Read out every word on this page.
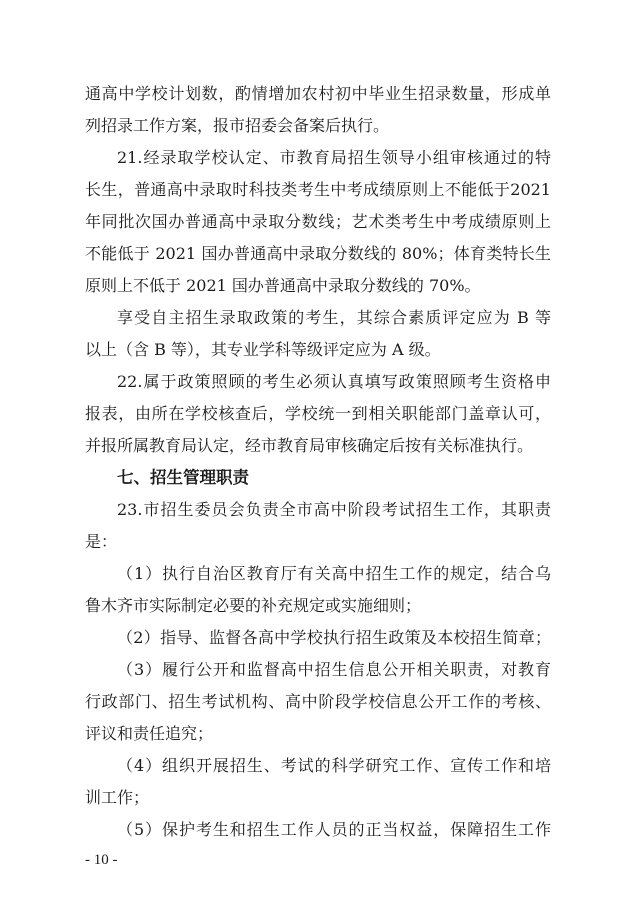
通高中学校计划数，酌情增加农村初中毕业生招录数量，形成单
列招录工作方案，报市招委会备案后执行。
21.经录取学校认定、市教育局招生领导小组审核通过的特
长生，普通高中录取时科技类考生中考成绩原则上不能低于2021
年同批次国办普通高中录取分数线；艺术类考生中考成绩原则上
不能低于 2021 国办普通高中录取分数线的 80%；体育类特长生
原则上不低于 2021 国办普通高中录取分数线的 70%。
享受自主招生录取政策的考生，其综合素质评定应为 B 等
以上（含 B 等），其专业学科等级评定应为 A 级。
22.属于政策照顾的考生必须认真填写政策照顾考生资格申
报表，由所在学校核查后，学校统一到相关职能部门盖章认可，
并报所属教育局认定，经市教育局审核确定后按有关标准执行。
七、招生管理职责
23.市招生委员会负责全市高中阶段考试招生工作，其职责
是：
（1）执行自治区教育厅有关高中招生工作的规定，结合乌
鲁木齐市实际制定必要的补充规定或实施细则；
（2）指导、监督各高中学校执行招生政策及本校招生简章；
（3）履行公开和监督高中招生信息公开相关职责，对教育
行政部门、招生考试机构、高中阶段学校信息公开工作的考核、
评议和责任追究；
（4）组织开展招生、考试的科学研究工作、宣传工作和培
训工作；
（5）保护考生和招生工作人员的正当权益，保障招生工作
- 10 -
